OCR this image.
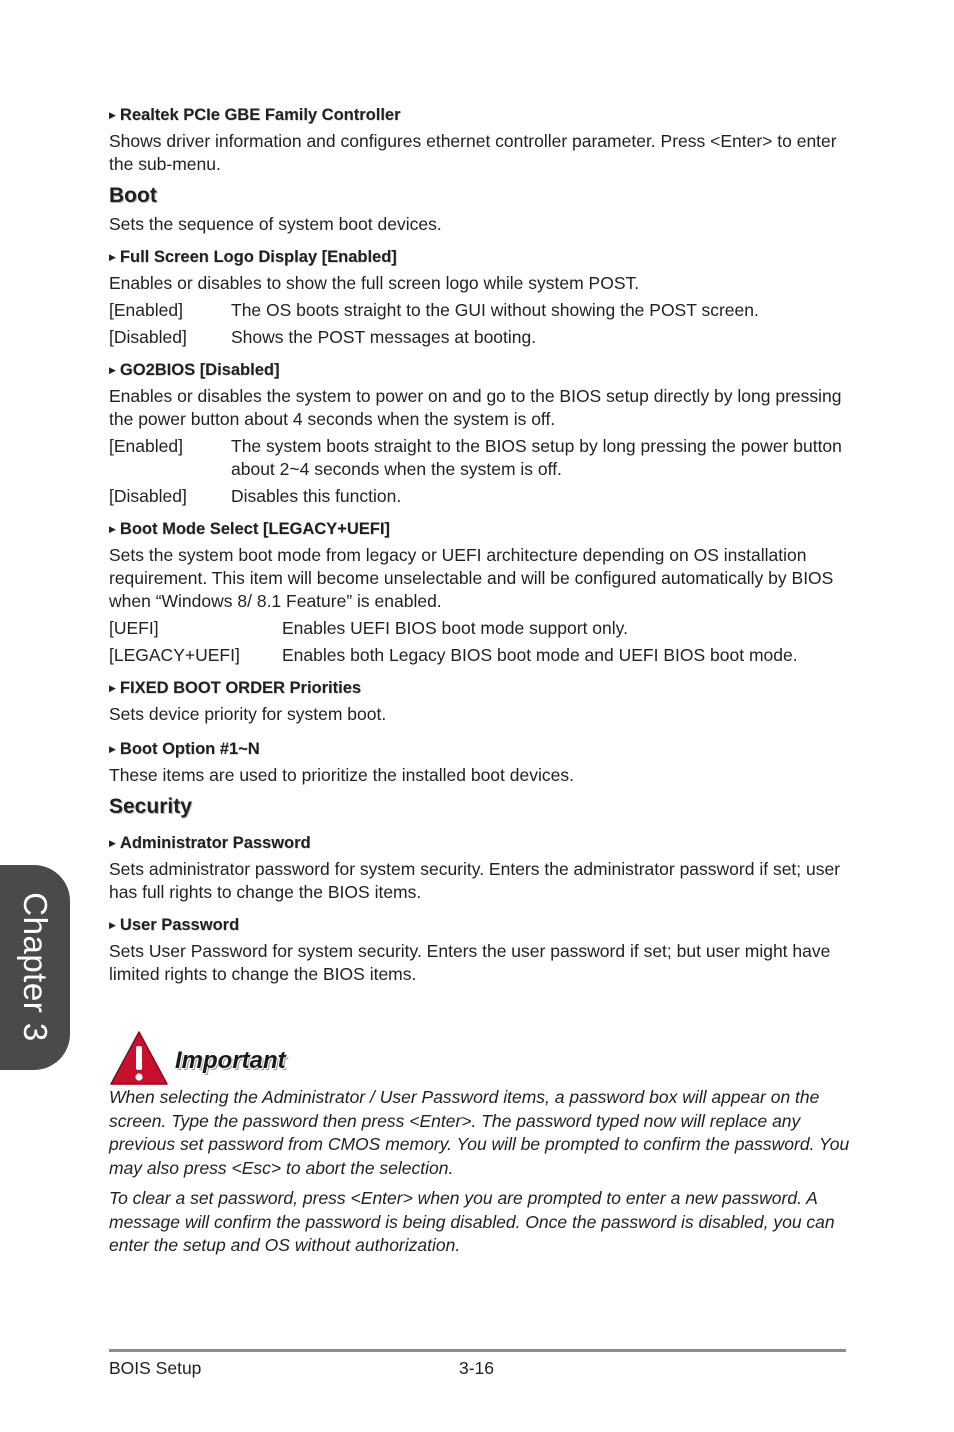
Chapter 3
▶ Realtek PCIe GBE Family Controller

Shows driver information and configures ethernet controller parameter. Press <Enter> to enter the sub-menu.

Boot

Sets the sequence of system boot devices.

▶ Full Screen Logo Display [Enabled]

Enables or disables to show the full screen logo while system POST.

[Enabled]	The OS boots straight to the GUI without showing the POST screen.
[Disabled]	Shows the POST messages at booting.
▶ GO2BIOS [Disabled]

Enables or disables the system to power on and go to the BIOS setup directly by long pressing the power button about 4 seconds when the system is off.

[Enabled]	The system boots straight to the BIOS setup by long pressing the power button about 2~4 seconds when the system is off.
[Disabled]	Disables this function.
▶ Boot Mode Select [LEGACY+UEFI]

Sets the system boot mode from legacy or UEFI architecture depending on OS installation requirement. This item will become unselectable and will be configured automatically by BIOS when “Windows 8/ 8.1 Feature” is enabled.

[UEFI]	Enables UEFI BIOS boot mode support only.
[LEGACY+UEFI]	Enables both Legacy BIOS boot mode and UEFI BIOS boot mode.
▶ FIXED BOOT ORDER Priorities

Sets device priority for system boot.

▶ Boot Option #1~N

These items are used to prioritize the installed boot devices.

Security
▶ Administrator Password

Sets administrator password for system security. Enters the administrator password if set; user has full rights to change the BIOS items.

▶ User Password

Sets User Password for system security. Enters the user password if set; but user might have limited rights to change the BIOS items.

Important

When selecting the Administrator / User Password items, a password box will appear on the screen. Type the password then press <Enter>. The password typed now will replace any previous set password from CMOS memory. You will be prompted to confirm the password. You may also press <Esc> to abort the selection.

To clear a set password, press <Enter> when you are prompted to enter a new password. A message will confirm the password is being disabled. Once the password is disabled, you can enter the setup and OS without authorization.

BOIS Setup	3-16
